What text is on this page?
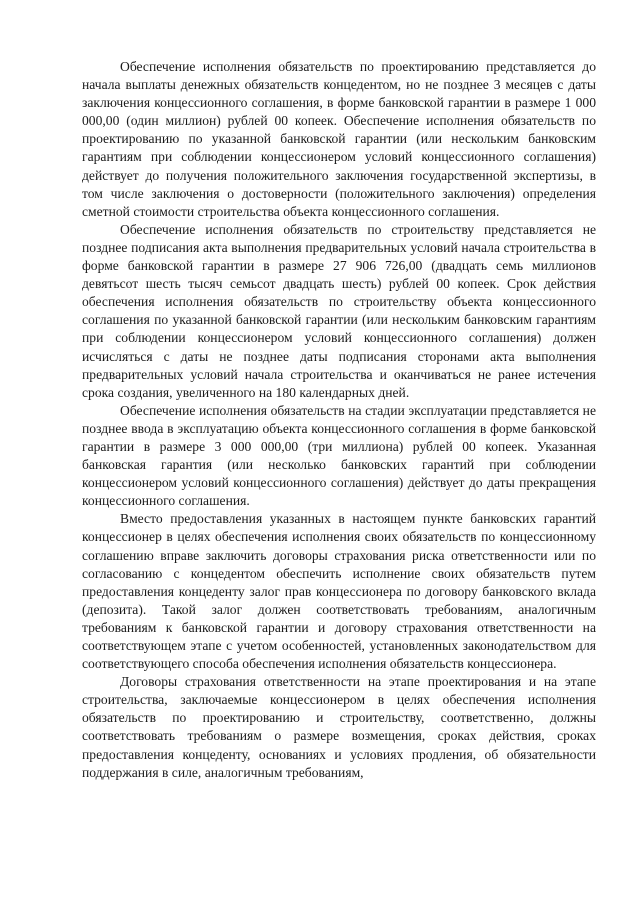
Обеспечение исполнения обязательств по проектированию представляется до начала выплаты денежных обязательств концедентом, но не позднее 3 месяцев с даты заключения концессионного соглашения, в форме банковской гарантии в размере 1 000 000,00 (один миллион) рублей 00 копеек. Обеспечение исполнения обязательств по проектированию по указанной банковской гарантии (или нескольким банковским гарантиям при соблюдении концессионером условий концессионного соглашения) действует до получения положительного заключения государственной экспертизы, в том числе заключения о достоверности (положительного заключения) определения сметной стоимости строительства объекта концессионного соглашения.

Обеспечение исполнения обязательств по строительству представляется не позднее подписания акта выполнения предварительных условий начала строительства в форме банковской гарантии в размере 27 906 726,00 (двадцать семь миллионов девятьсот шесть тысяч семьсот двадцать шесть) рублей 00 копеек. Срок действия обеспечения исполнения обязательств по строительству объекта концессионного соглашения по указанной банковской гарантии (или нескольким банковским гарантиям при соблюдении концессионером условий концессионного соглашения) должен исчисляться с даты не позднее даты подписания сторонами акта выполнения предварительных условий начала строительства и оканчиваться не ранее истечения срока создания, увеличенного на 180 календарных дней.

Обеспечение исполнения обязательств на стадии эксплуатации представляется не позднее ввода в эксплуатацию объекта концессионного соглашения в форме банковской гарантии в размере 3 000 000,00 (три миллиона) рублей 00 копеек. Указанная банковская гарантия (или несколько банковских гарантий при соблюдении концессионером условий концессионного соглашения) действует до даты прекращения концессионного соглашения.

Вместо предоставления указанных в настоящем пункте банковских гарантий концессионер в целях обеспечения исполнения своих обязательств по концессионному соглашению вправе заключить договоры страхования риска ответственности или по согласованию с концедентом обеспечить исполнение своих обязательств путем предоставления концеденту залог прав концессионера по договору банковского вклада (депозита). Такой залог должен соответствовать требованиям, аналогичным требованиям к банковской гарантии и договору страхования ответственности на соответствующем этапе с учетом особенностей, установленных законодательством для соответствующего способа обеспечения исполнения обязательств концессионера.

Договоры страхования ответственности на этапе проектирования и на этапе строительства, заключаемые концессионером в целях обеспечения исполнения обязательств по проектированию и строительству, соответственно, должны соответствовать требованиям о размере возмещения, сроках действия, сроках предоставления концеденту, основаниях и условиях продления, об обязательности поддержания в силе, аналогичным требованиям,
